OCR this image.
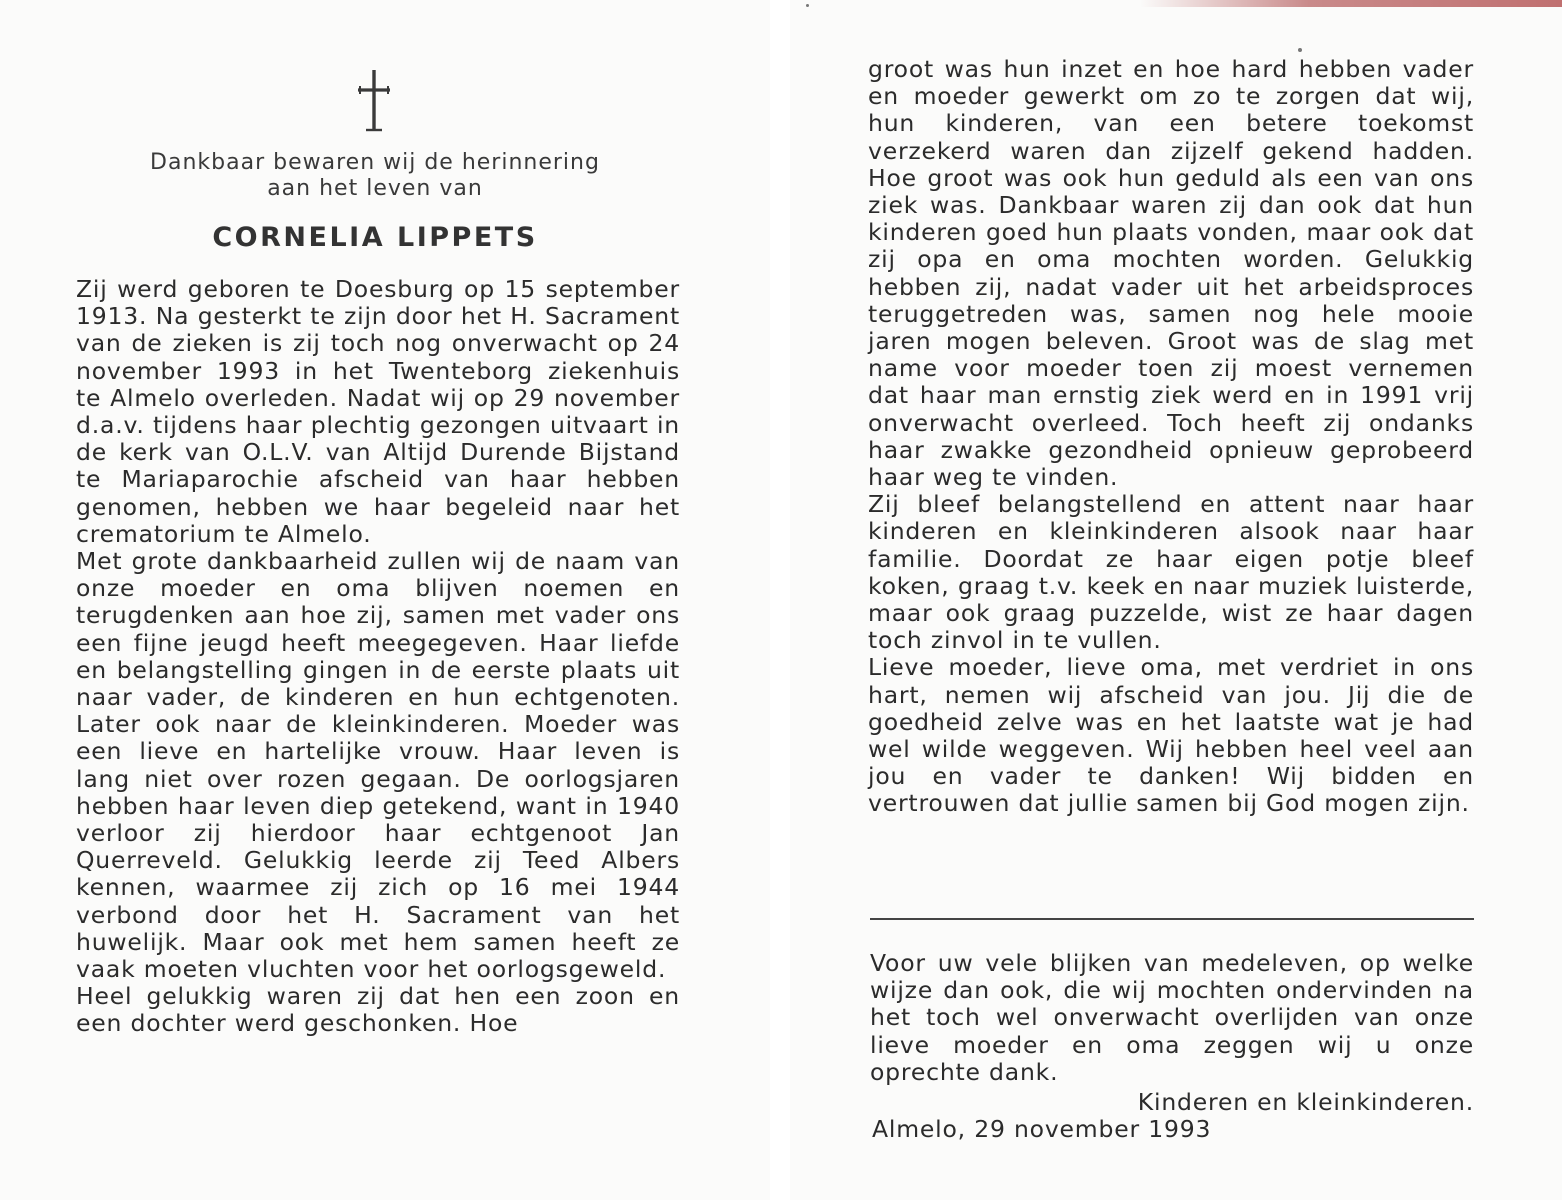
Dankbaar bewaren wij de herinnering
aan het leven van
CORNELIA LIPPETS

Zij werd geboren te Doesburg op 15 september 1913. Na gesterkt te zijn door het H. Sacrament van de zieken is zij toch nog onverwacht op 24 november 1993 in het Twenteborg ziekenhuis te Almelo overleden. Nadat wij op 29 november d.a.v. tijdens haar plechtig gezongen uitvaart in de kerk van O.L.V. van Altijd Durende Bijstand te Mariaparochie afscheid van haar hebben genomen, hebben we haar begeleid naar het crematorium te Almelo.

Met grote dankbaarheid zullen wij de naam van onze moeder en oma blijven noemen en terugdenken aan hoe zij, samen met vader ons een fijne jeugd heeft meegegeven. Haar liefde en belangstelling gingen in de eerste plaats uit naar vader, de kinderen en hun echtgenoten. Later ook naar de kleinkinderen. Moeder was een lieve en hartelijke vrouw. Haar leven is lang niet over rozen gegaan. De oorlogsjaren hebben haar leven diep getekend, want in 1940 verloor zij hierdoor haar echtgenoot Jan Querreveld. Gelukkig leerde zij Teed Albers kennen, waarmee zij zich op 16 mei 1944 verbond door het H. Sacrament van het huwelijk. Maar ook met hem samen heeft ze vaak moeten vluchten voor het oorlogsgeweld.

Heel gelukkig waren zij dat hen een zoon en een dochter werd geschonken. Hoe

groot was hun inzet en hoe hard hebben vader en moeder gewerkt om zo te zorgen dat wij, hun kinderen, van een betere toekomst verzekerd waren dan zijzelf gekend hadden. Hoe groot was ook hun geduld als een van ons ziek was. Dankbaar waren zij dan ook dat hun kinderen goed hun plaats vonden, maar ook dat zij opa en oma mochten worden. Gelukkig hebben zij, nadat vader uit het arbeidsproces teruggetreden was, samen nog hele mooie jaren mogen beleven. Groot was de slag met name voor moeder toen zij moest vernemen dat haar man ernstig ziek werd en in 1991 vrij onverwacht overleed. Toch heeft zij ondanks haar zwakke gezondheid opnieuw geprobeerd haar weg te vinden.

Zij bleef belangstellend en attent naar haar kinderen en kleinkinderen alsook naar haar familie. Doordat ze haar eigen potje bleef koken, graag t.v. keek en naar muziek luisterde, maar ook graag puzzelde, wist ze haar dagen toch zinvol in te vullen.

Lieve moeder, lieve oma, met verdriet in ons hart, nemen wij afscheid van jou. Jij die de goedheid zelve was en het laatste wat je had wel wilde weggeven. Wij hebben heel veel aan jou en vader te danken! Wij bidden en vertrouwen dat jullie samen bij God mogen zijn.

Voor uw vele blijken van medeleven, op welke wijze dan ook, die wij mochten ondervinden na het toch wel onverwacht overlijden van onze lieve moeder en oma zeggen wij u onze oprechte dank.

Kinderen en kleinkinderen.
Almelo, 29 november 1993
